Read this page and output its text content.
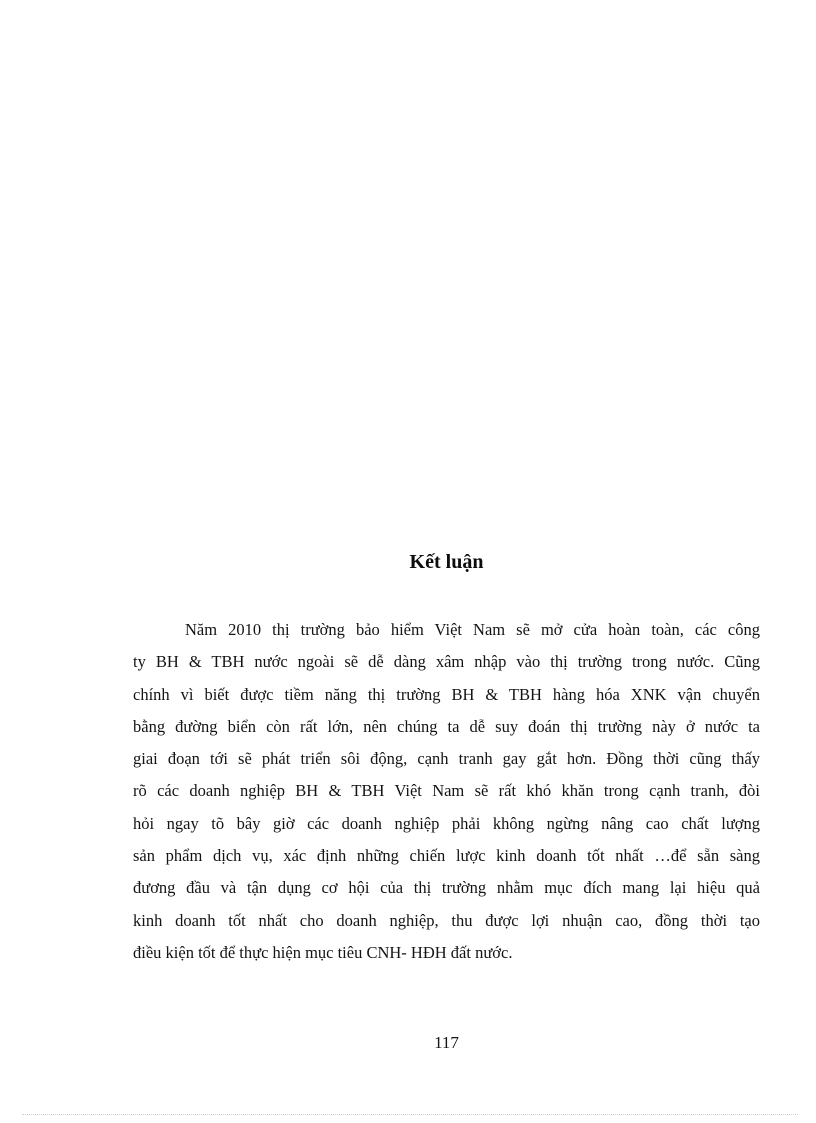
Kết luận
Năm 2010 thị trường bảo hiểm Việt Nam sẽ mở cửa hoàn toàn, các công
ty BH & TBH nước ngoài sẽ dễ dàng xâm nhập vào thị trường trong nước. Cũng
chính vì biết được tiềm năng thị trường BH & TBH hàng hóa XNK vận chuyển
bằng đường biển còn rất lớn, nên chúng ta dễ suy đoán thị trường này ở nước ta
giai đoạn tới sẽ phát triển sôi động, cạnh tranh gay gắt hơn. Đồng thời cũng thấy
rõ các doanh nghiệp BH & TBH Việt Nam sẽ rất khó khăn trong cạnh tranh, đòi
hỏi ngay tõ bây giờ các doanh nghiệp phải không ngừng nâng cao chất lượng
sản phẩm dịch vụ, xác định những chiến lược kinh doanh tốt nhất …để sẵn sàng
đương đầu và tận dụng cơ hội của thị trường nhằm mục đích mang lại hiệu quả
kinh doanh tốt nhất cho doanh nghiệp, thu được lợi nhuận cao, đồng thời tạo
điều kiện tốt để thực hiện mục tiêu CNH- HĐH đất nước.
117
